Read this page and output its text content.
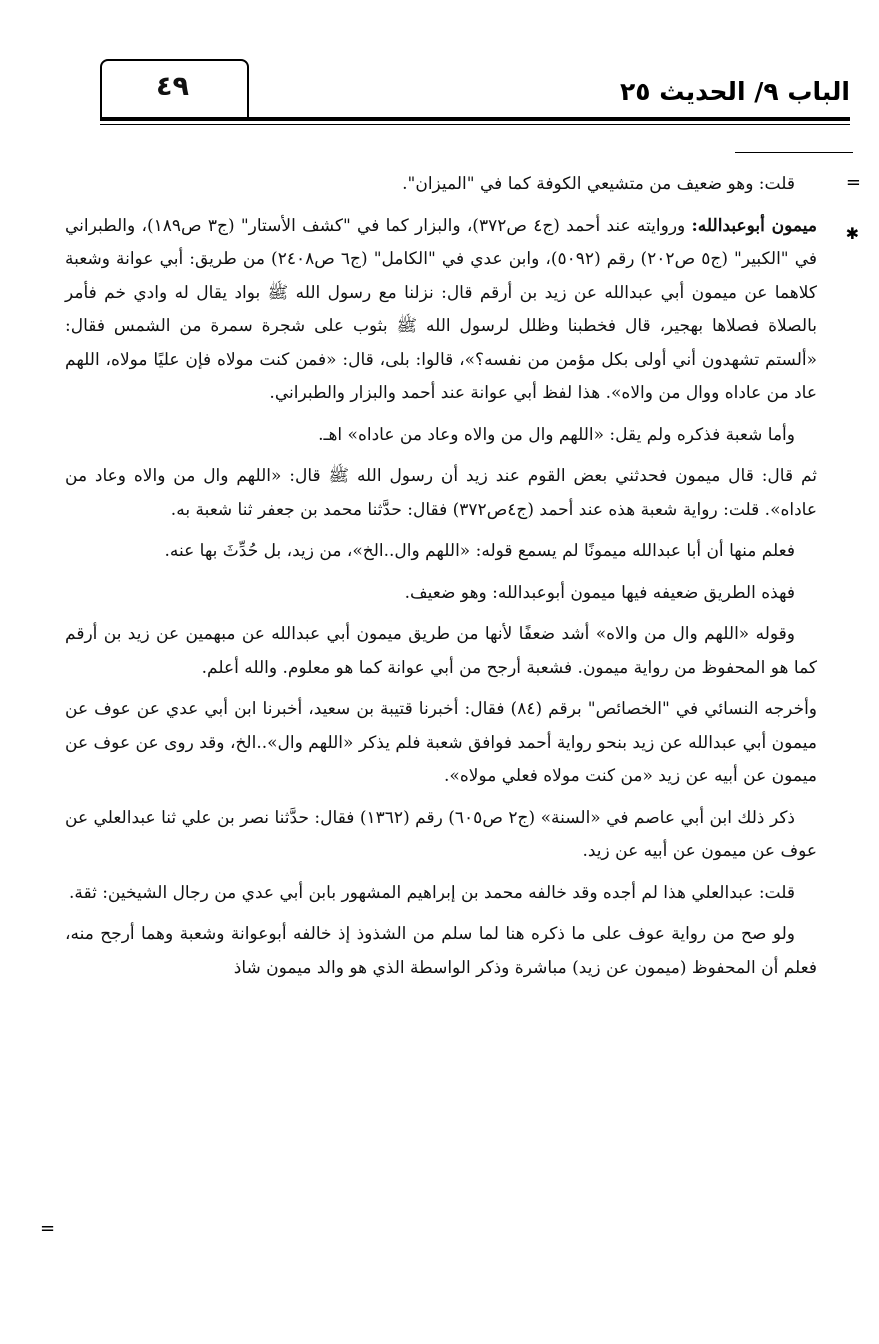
٤٩	الباب ٩/ الحديث ٢٥
=
✱
=

قلت: وهو ضعيف من متشيعي الكوفة كما في "الميزان".

ميمون أبوعبدالله: وروايته عند أحمد (ج٤ ص٣٧٢)، والبزار كما في "كشف الأستار" (ج٣ ص١٨٩)، والطبراني في "الكبير" (ج٥ ص٢٠٢) رقم (٥٠٩٢)، وابن عدي في "الكامل" (ج٦ ص٢٤٠٨) من طريق: أبي عوانة وشعبة كلاهما عن ميمون أبي عبدالله عن زيد بن أرقم قال: نزلنا مع رسول الله ﷺ بواد يقال له وادي خم فأمر بالصلاة فصلاها بهجير، قال فخطبنا وظلل لرسول الله ﷺ بثوب على شجرة سمرة من الشمس فقال: «ألستم تشهدون أني أولى بكل مؤمن من نفسه؟»، قالوا: بلى، قال: «فمن كنت مولاه فإن عليًا مولاه، اللهم عاد من عاداه ووال من والاه». هذا لفظ أبي عوانة عند أحمد والبزار والطبراني.

وأما شعبة فذكره ولم يقل: «اللهم وال من والاه وعاد من عاداه» اهـ.

ثم قال: قال ميمون فحدثني بعض القوم عند زيد أن رسول الله ﷺ قال: «اللهم وال من والاه وعاد من عاداه». قلت: رواية شعبة هذه عند أحمد (ج٤ص٣٧٢) فقال: حدَّثنا محمد بن جعفر ثنا شعبة به.

فعلم منها أن أبا عبدالله ميمونًا لم يسمع قوله: «اللهم وال..الخ»، من زيد، بل حُدِّثَ بها عنه.

فهذه الطريق ضعيفه فيها ميمون أبوعبدالله: وهو ضعيف.

وقوله «اللهم وال من والاه» أشد ضعفًا لأنها من طريق ميمون أبي عبدالله عن مبهمين عن زيد بن أرقم كما هو المحفوظ من رواية ميمون. فشعبة أرجح من أبي عوانة كما هو معلوم. والله أعلم.

وأخرجه النسائي في "الخصائص" برقم (٨٤) فقال: أخبرنا قتيبة بن سعيد، أخبرنا ابن أبي عدي عن عوف عن ميمون أبي عبدالله عن زيد بنحو رواية أحمد فوافق شعبة فلم يذكر «اللهم وال»..الخ، وقد روى عن عوف عن ميمون عن أبيه عن زيد «من كنت مولاه فعلي مولاه».

ذكر ذلك ابن أبي عاصم في «السنة» (ج٢ ص٦٠٥) رقم (١٣٦٢) فقال: حدَّثنا نصر بن علي ثنا عبدالعلي عن عوف عن ميمون عن أبيه عن زيد.

قلت: عبدالعلي هذا لم أجده وقد خالفه محمد بن إبراهيم المشهور بابن أبي عدي من رجال الشيخين: ثقة.

ولو صح من رواية عوف على ما ذكره هنا لما سلم من الشذوذ إذ خالفه أبوعوانة وشعبة وهما أرجح منه، فعلم أن المحفوظ (ميمون عن زيد) مباشرة وذكر الواسطة الذي هو والد ميمون شاذ
